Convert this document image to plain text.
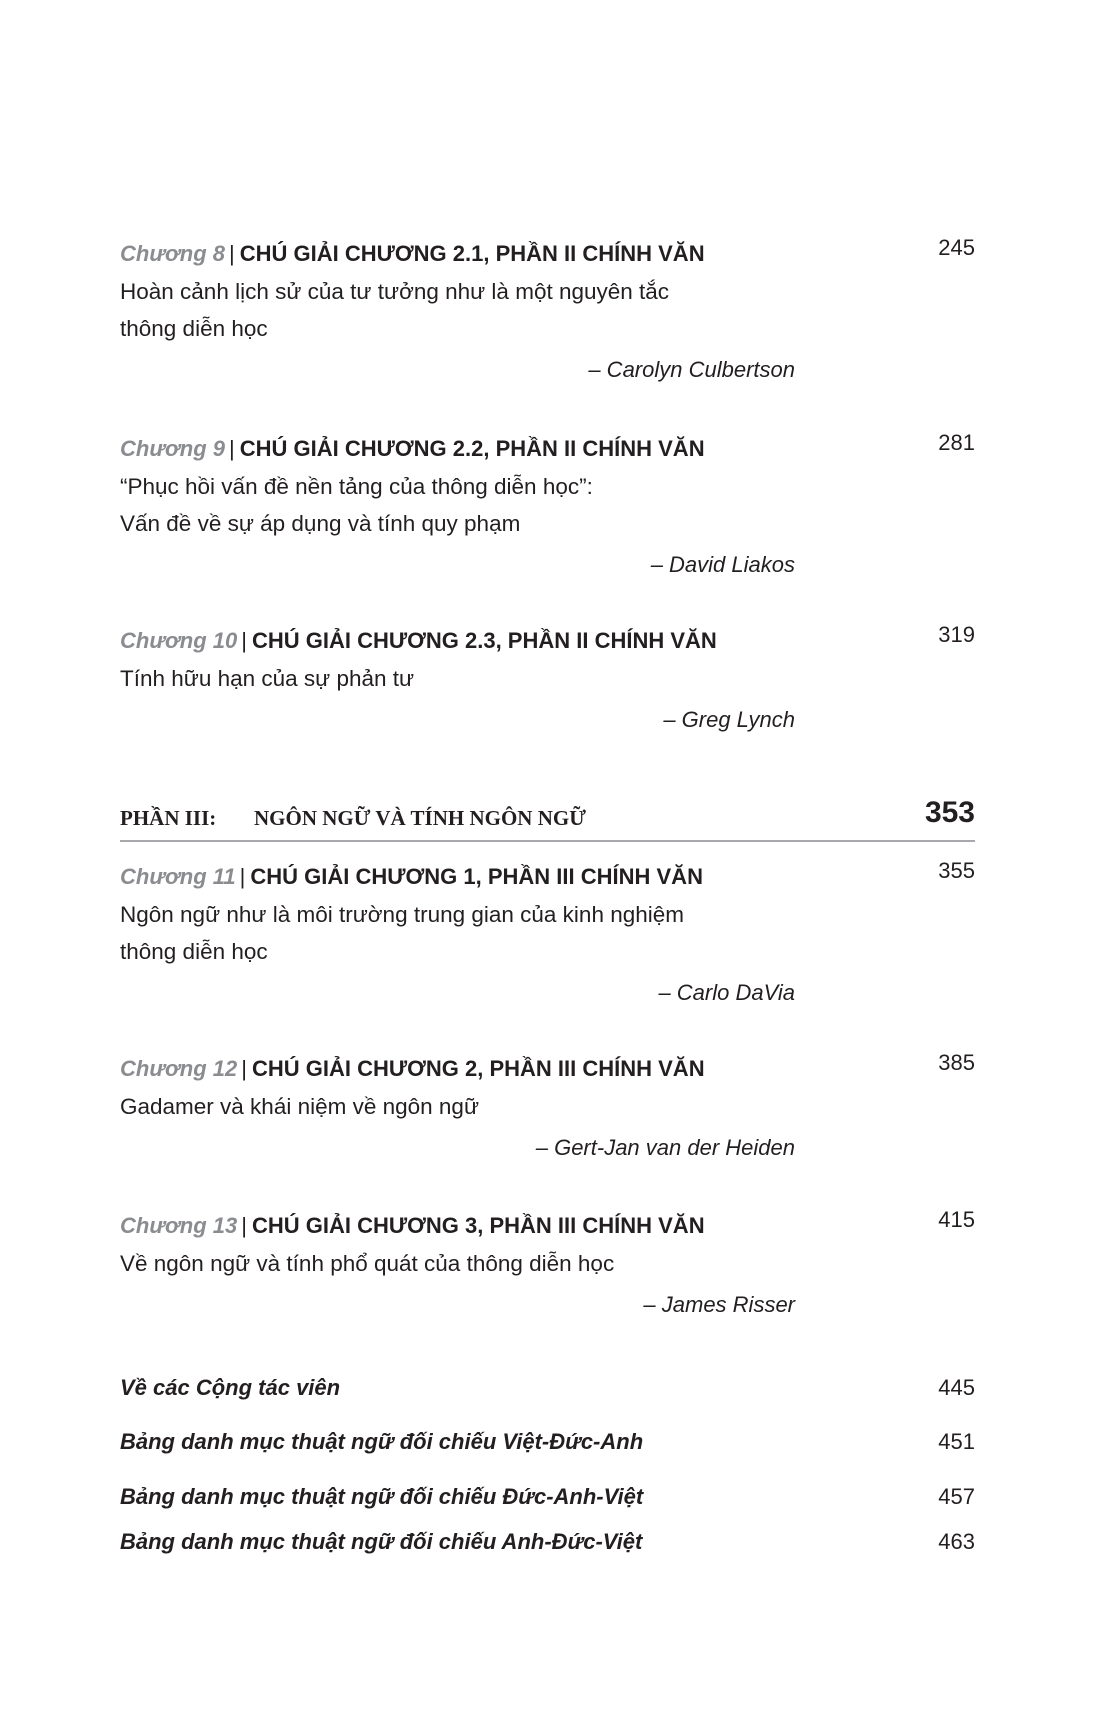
Chương 8 | CHÚ GIẢI CHƯƠNG 2.1, PHẦN II CHÍNH VĂN	245
Hoàn cảnh lịch sử của tư tưởng như là một nguyên tắc
thông diễn học
– Carolyn Culbertson
Chương 9 | CHÚ GIẢI CHƯƠNG 2.2, PHẦN II CHÍNH VĂN	281
“Phục hồi vấn đề nền tảng của thông diễn học”:
Vấn đề về sự áp dụng và tính quy phạm
– David Liakos
Chương 10 | CHÚ GIẢI CHƯƠNG 2.3, PHẦN II CHÍNH VĂN	319
Tính hữu hạn của sự phản tư
– Greg Lynch
PHẦN III: NGÔN NGỮ VÀ TÍNH NGÔN NGỮ	353
Chương 11 | CHÚ GIẢI CHƯƠNG 1, PHẦN III CHÍNH VĂN	355
Ngôn ngữ như là môi trường trung gian của kinh nghiệm
thông diễn học
– Carlo DaVia
Chương 12 | CHÚ GIẢI CHƯƠNG 2, PHẦN III CHÍNH VĂN	385
Gadamer và khái niệm về ngôn ngữ
– Gert-Jan van der Heiden
Chương 13 | CHÚ GIẢI CHƯƠNG 3, PHẦN III CHÍNH VĂN	415
Về ngôn ngữ và tính phổ quát của thông diễn học
– James Risser
Về các Cộng tác viên	445
Bảng danh mục thuật ngữ đối chiếu Việt-Đức-Anh	451
Bảng danh mục thuật ngữ đối chiếu Đức-Anh-Việt	457
Bảng danh mục thuật ngữ đối chiếu Anh-Đức-Việt	463
